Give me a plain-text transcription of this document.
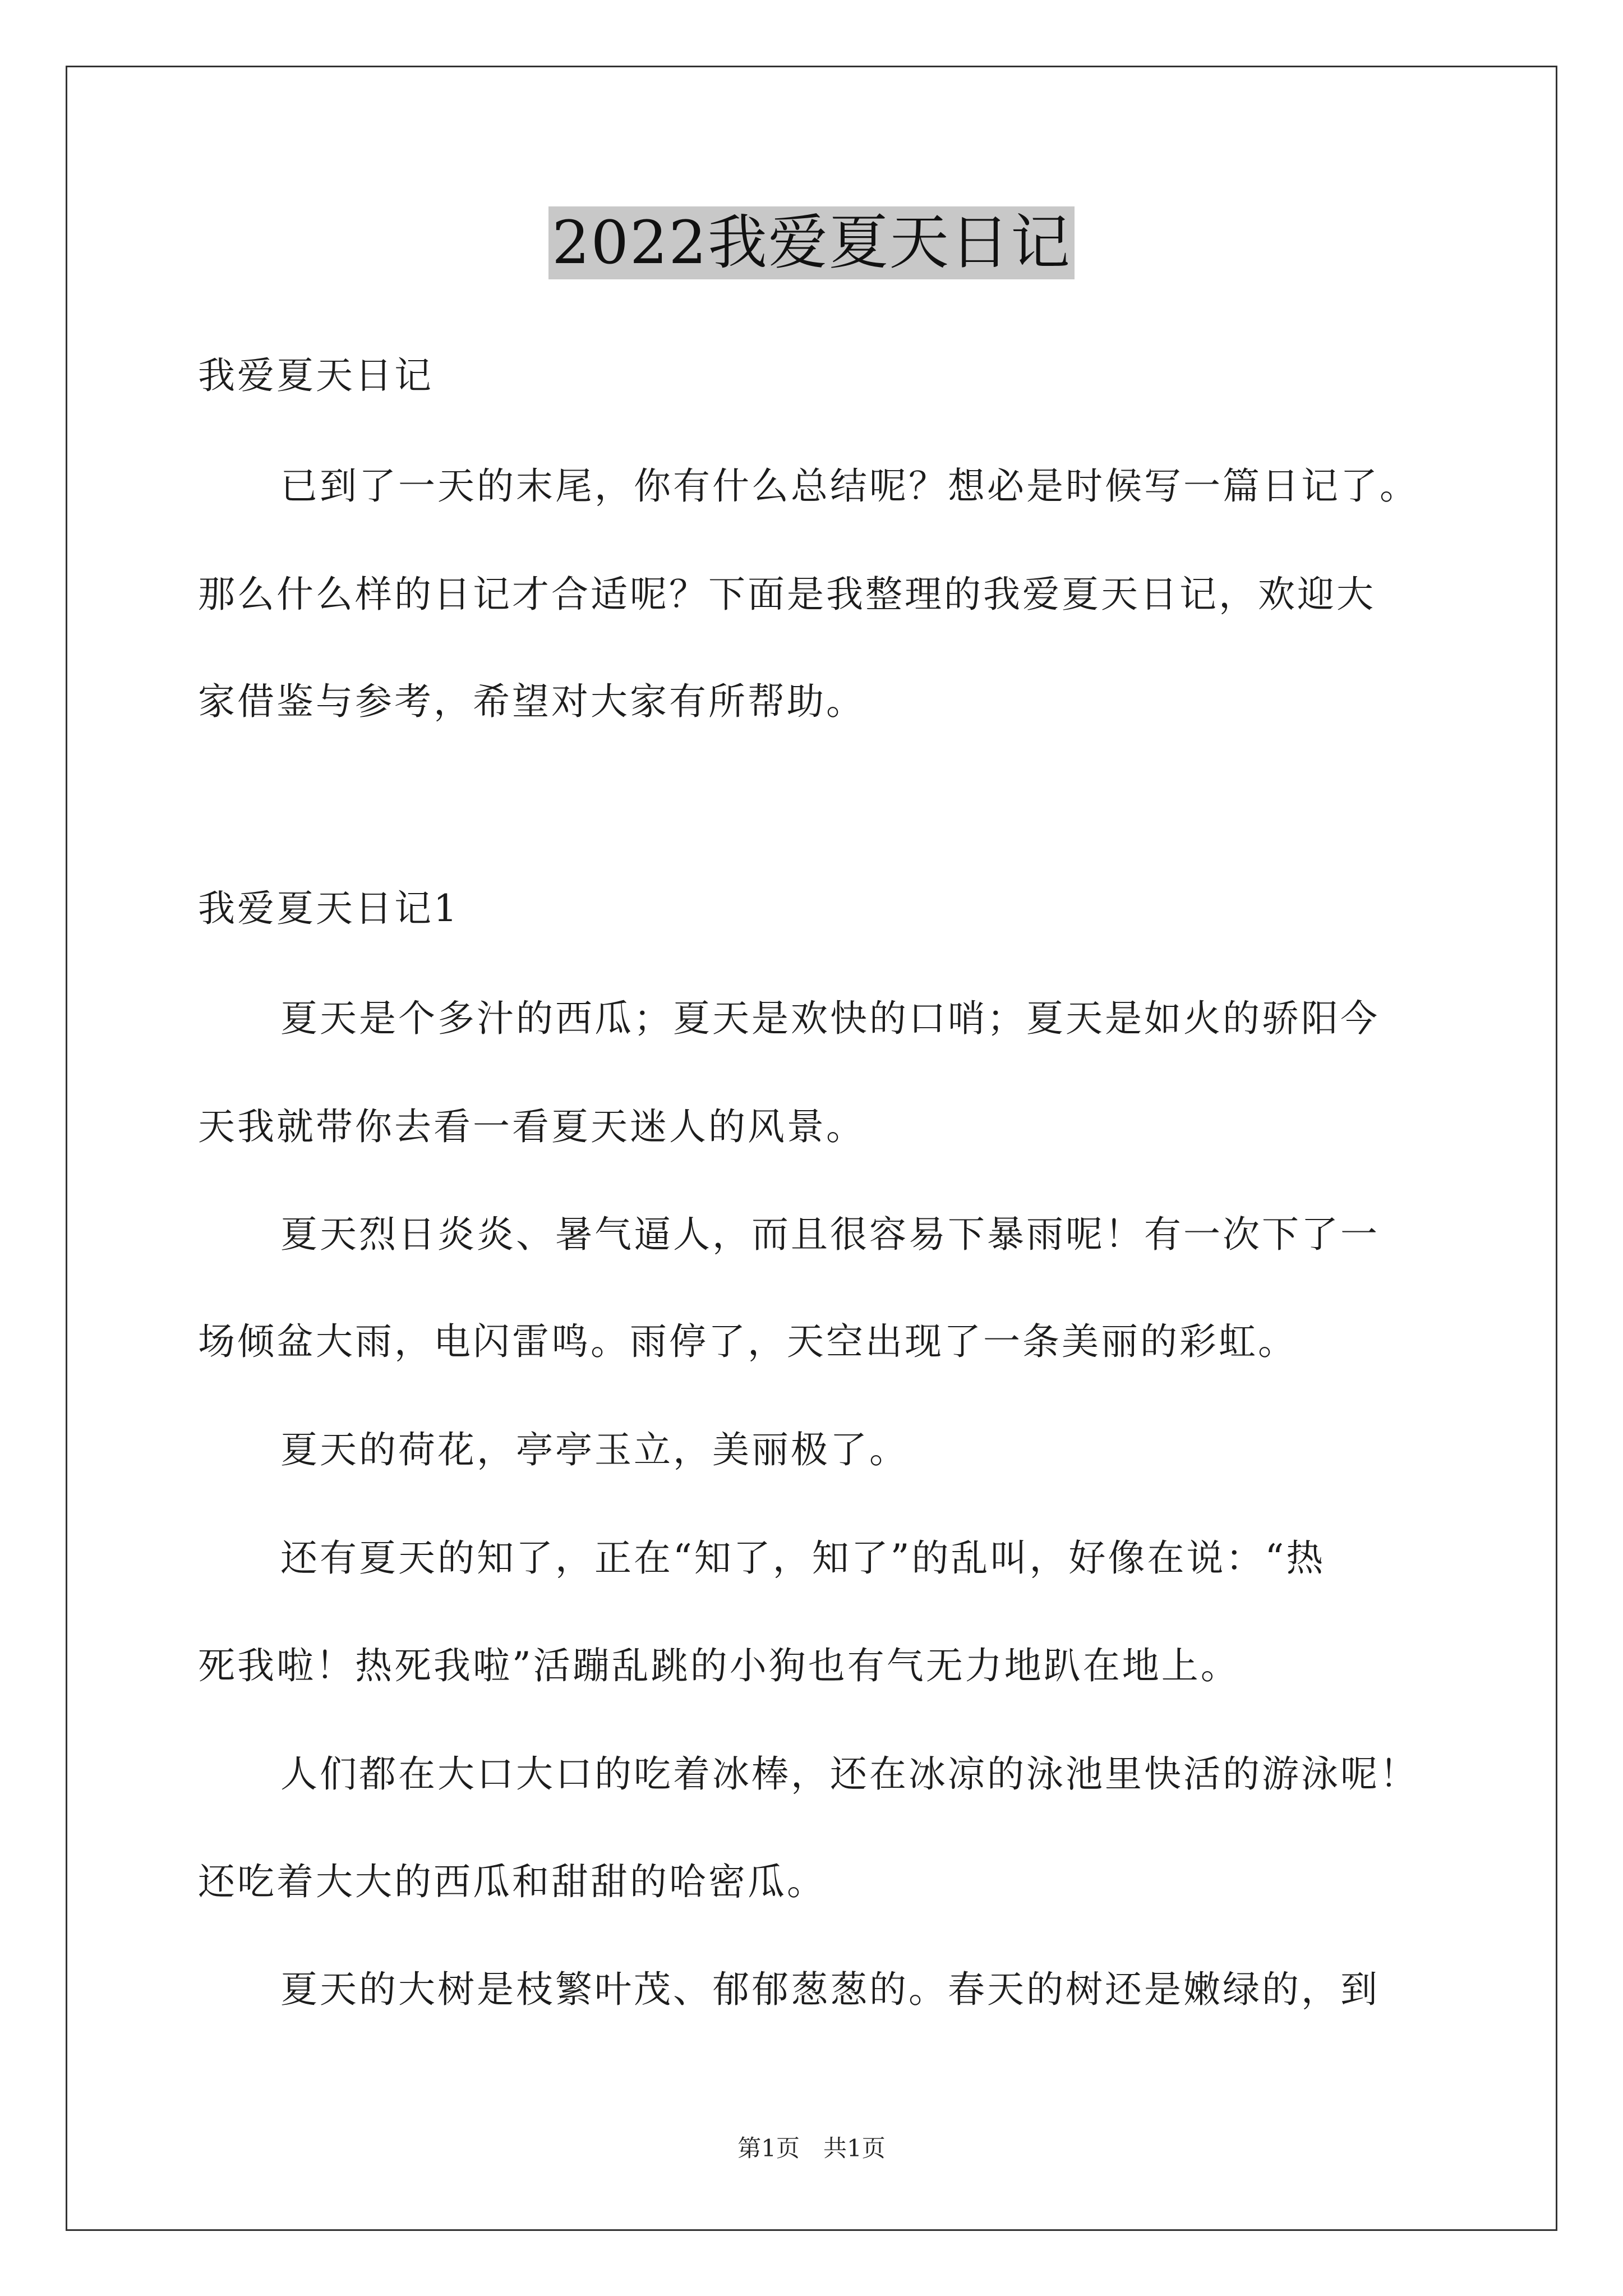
2022我爱夏天日记
我爱夏天日记
已到了一天的末尾，你有什么总结呢？想必是时候写一篇日记了。
那么什么样的日记才合适呢？下面是我整理的我爱夏天日记，欢迎大
家借鉴与参考，希望对大家有所帮助。
我爱夏天日记1
夏天是个多汁的西瓜；夏天是欢快的口哨；夏天是如火的骄阳今
天我就带你去看一看夏天迷人的风景。
夏天烈日炎炎、暑气逼人，而且很容易下暴雨呢！有一次下了一
场倾盆大雨，电闪雷鸣。雨停了，天空出现了一条美丽的彩虹。
夏天的荷花，亭亭玉立，美丽极了。
还有夏天的知了，正在“知了，知了”的乱叫，好像在说：“热
死我啦！热死我啦”活蹦乱跳的小狗也有气无力地趴在地上。
人们都在大口大口的吃着冰棒，还在冰凉的泳池里快活的游泳呢！
还吃着大大的西瓜和甜甜的哈密瓜。
夏天的大树是枝繁叶茂、郁郁葱葱的。春天的树还是嫩绿的，到
第1页　共1页
